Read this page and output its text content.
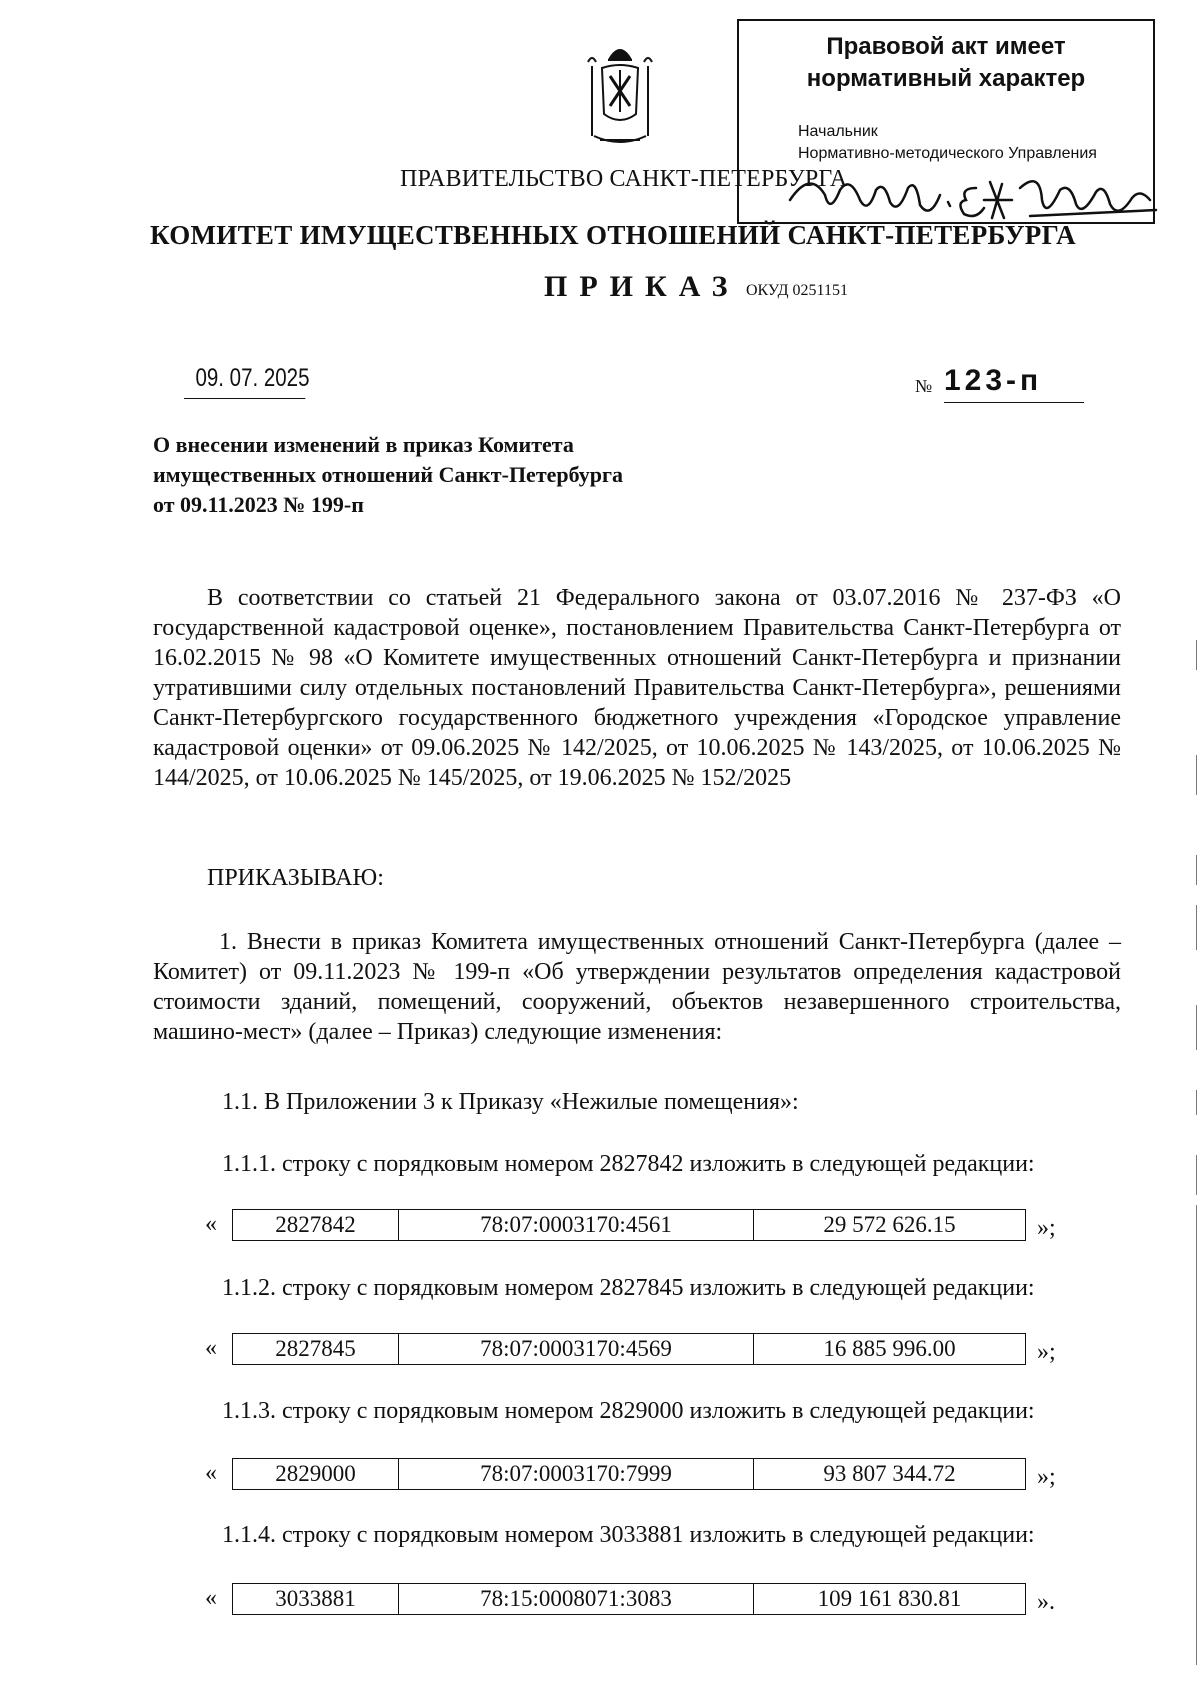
Правовой акт имеет
нормативный характер
Начальник
Нормативно-методического Управления
ПРАВИТЕЛЬСТВО САНКТ-ПЕТЕРБУРГА
КОМИТЕТ ИМУЩЕСТВЕННЫХ ОТНОШЕНИЙ САНКТ-ПЕТЕРБУРГА
ПРИКАЗ ОКУД 0251151
09. 07. 2025	№ 123-п
О внесении изменений в приказ Комитета
имущественных отношений Санкт-Петербурга
от 09.11.2023 № 199-п
В соответствии со статьей 21 Федерального закона от 03.07.2016 № 237-ФЗ «О государственной кадастровой оценке», постановлением Правительства Санкт-Петербурга от 16.02.2015 № 98 «О Комитете имущественных отношений Санкт-Петербурга и признании утратившими силу отдельных постановлений Правительства Санкт-Петербурга», решениями Санкт-Петербургского государственного бюджетного учреждения «Городское управление кадастровой оценки» от 09.06.2025 № 142/2025, от 10.06.2025 № 143/2025, от 10.06.2025 № 144/2025, от 10.06.2025 № 145/2025, от 19.06.2025 № 152/2025
ПРИКАЗЫВАЮ:
1. Внести в приказ Комитета имущественных отношений Санкт-Петербурга (далее – Комитет) от 09.11.2023 № 199-п «Об утверждении результатов определения кадастровой стоимости зданий, помещений, сооружений, объектов незавершенного строительства, машино-мест» (далее – Приказ) следующие изменения:
1.1. В Приложении 3 к Приказу «Нежилые помещения»:
1.1.1. строку с порядковым номером 2827842 изложить в следующей редакции:
«	2827842	78:07:0003170:4561	29 572 626.15	»;
1.1.2. строку с порядковым номером 2827845 изложить в следующей редакции:
«	2827845	78:07:0003170:4569	16 885 996.00	»;
1.1.3. строку с порядковым номером 2829000 изложить в следующей редакции:
«	2829000	78:07:0003170:7999	93 807 344.72	»;
1.1.4. строку с порядковым номером 3033881 изложить в следующей редакции:
«	3033881	78:15:0008071:3083	109 161 830.81	».
